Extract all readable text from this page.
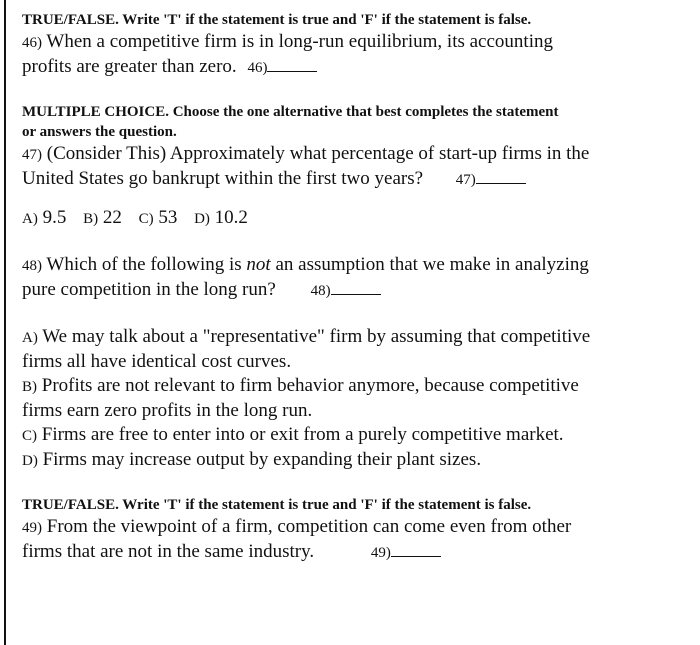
TRUE/FALSE. Write 'T' if the statement is true and 'F' if the statement is false.
46) When a competitive firm is in long-run equilibrium, its accounting
profits are greater than zero. 46)
MULTIPLE CHOICE. Choose the one alternative that best completes the statement
or answers the question.
47) (Consider This) Approximately what percentage of start-up firms in the
United States go bankrupt within the first two years? 47)
A) 9.5 B) 22 C) 53 D) 10.2
48) Which of the following is not an assumption that we make in analyzing
pure competition in the long run? 48)
A) We may talk about a "representative" firm by assuming that competitive
firms all have identical cost curves.
B) Profits are not relevant to firm behavior anymore, because competitive
firms earn zero profits in the long run.
C) Firms are free to enter into or exit from a purely competitive market.
D) Firms may increase output by expanding their plant sizes.
TRUE/FALSE. Write 'T' if the statement is true and 'F' if the statement is false.
49) From the viewpoint of a firm, competition can come even from other
firms that are not in the same industry.	49)
